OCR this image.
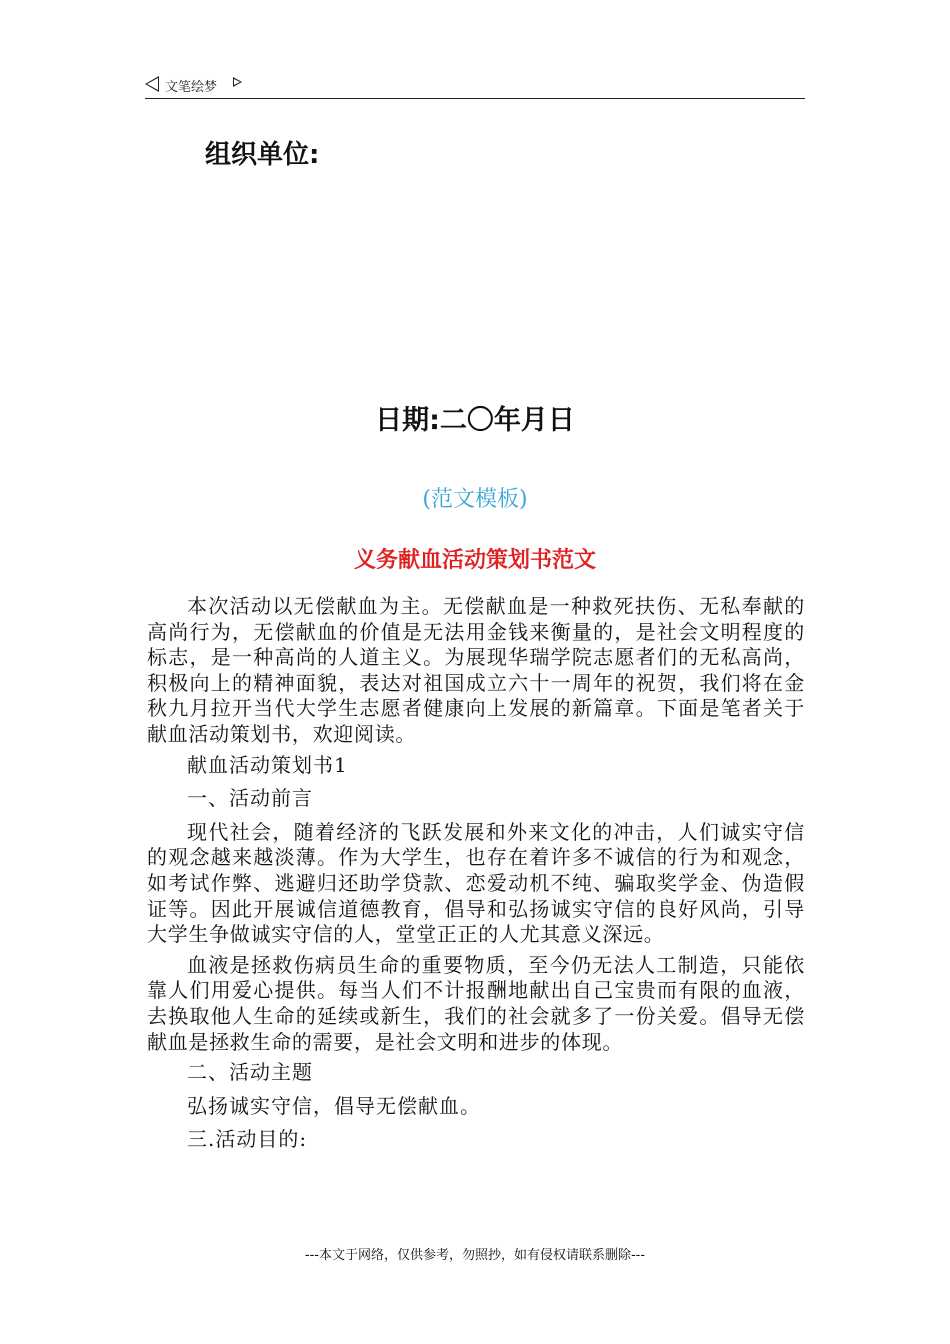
文笔绘梦
组织单位:
日期:二〇年月日
(范文模板)
义务献血活动策划书范文

本次活动以无偿献血为主。无偿献血是一种救死扶伤、无私奉献的高尚行为，无偿献血的价值是无法用金钱来衡量的，是社会文明程度的标志，是一种高尚的人道主义。为展现华瑞学院志愿者们的无私高尚，积极向上的精神面貌，表达对祖国成立六十一周年的祝贺，我们将在金秋九月拉开当代大学生志愿者健康向上发展的新篇章。下面是笔者关于献血活动策划书，欢迎阅读。

献血活动策划书1

一、活动前言

现代社会，随着经济的飞跃发展和外来文化的冲击，人们诚实守信的观念越来越淡薄。作为大学生，也存在着许多不诚信的行为和观念，如考试作弊、逃避归还助学贷款、恋爱动机不纯、骗取奖学金、伪造假证等。因此开展诚信道德教育，倡导和弘扬诚实守信的良好风尚，引导大学生争做诚实守信的人，堂堂正正的人尤其意义深远。

血液是拯救伤病员生命的重要物质，至今仍无法人工制造，只能依靠人们用爱心提供。每当人们不计报酬地献出自己宝贵而有限的血液，去换取他人生命的延续或新生，我们的社会就多了一份关爱。倡导无偿献血是拯救生命的需要，是社会文明和进步的体现。

二、活动主题

弘扬诚实守信，倡导无偿献血。

三.活动目的:

---本文于网络，仅供参考，勿照抄，如有侵权请联系删除---
